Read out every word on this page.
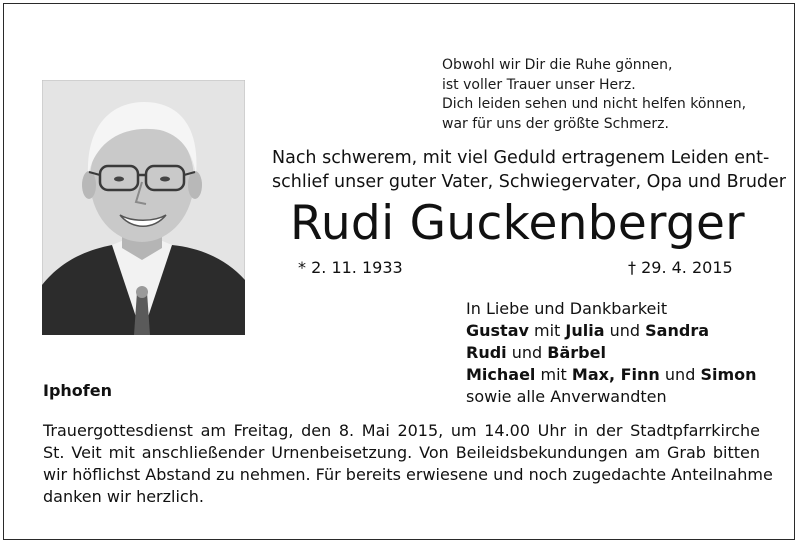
Obwohl wir Dir die Ruhe gönnen,
ist voller Trauer unser Herz.
Dich leiden sehen und nicht helfen können,
war für uns der größte Schmerz.
Nach schwerem, mit viel Geduld ertragenem Leiden ent-
schlief unser guter Vater, Schwiegervater, Opa und Bruder
Rudi Guckenberger
* 2. 11. 1933	† 29. 4. 2015
In Liebe und Dankbarkeit
Gustav mit Julia und Sandra
Rudi und Bärbel
Michael mit Max, Finn und Simon
sowie alle Anverwandten
Iphofen
Trauergottesdienst am Freitag, den 8. Mai 2015, um 14.00 Uhr in der Stadtpfarrkirche
St. Veit mit anschließender Urnenbeisetzung. Von Beileidsbekundungen am Grab bitten
wir höflichst Abstand zu nehmen. Für bereits erwiesene und noch zugedachte Anteilnahme
danken wir herzlich.
